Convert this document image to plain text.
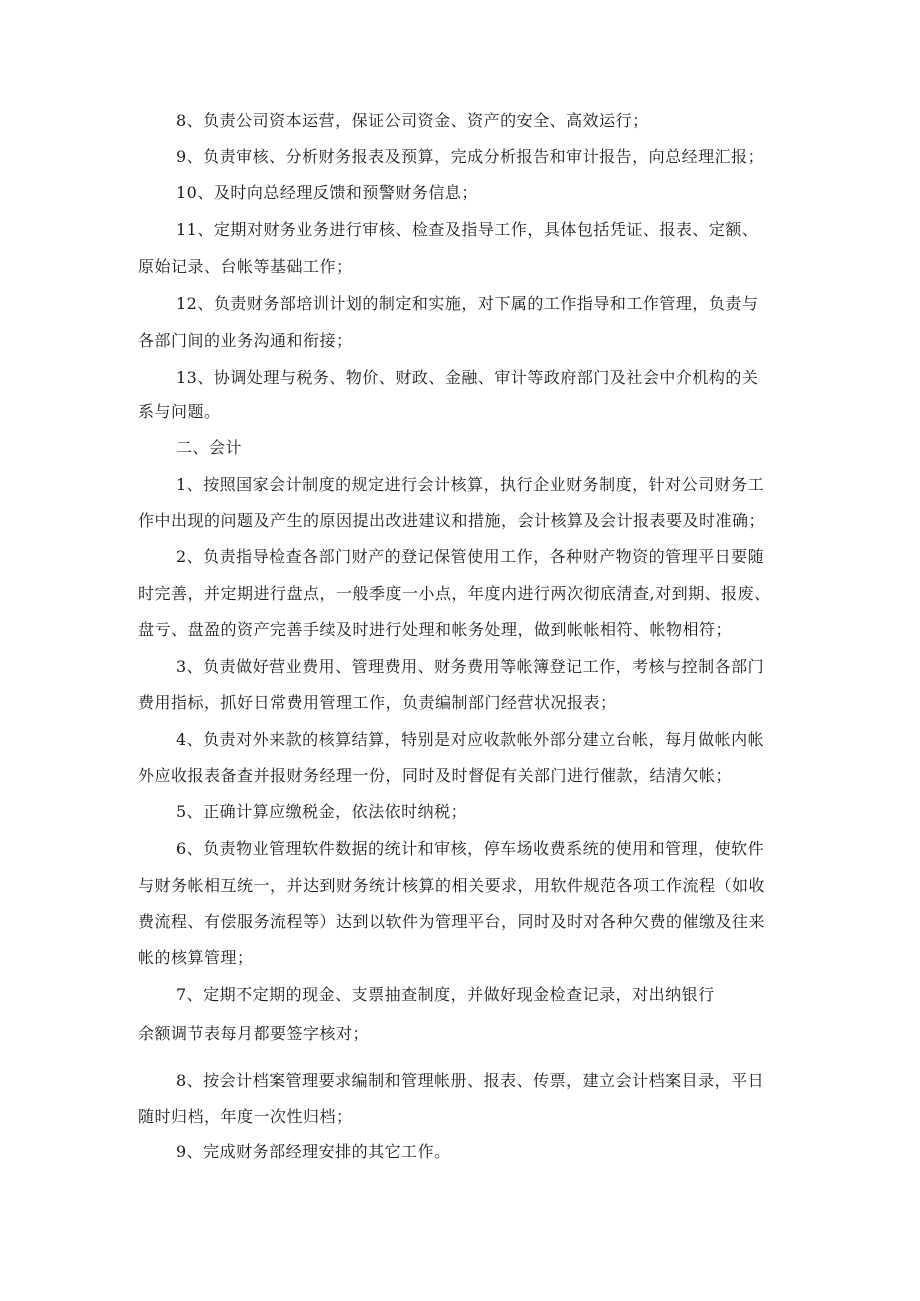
8、负责公司资本运营，保证公司资金、资产的安全、高效运行；
9、负责审核、分析财务报表及预算，完成分析报告和审计报告，向总经理汇报；
10、及时向总经理反馈和预警财务信息；
11、定期对财务业务进行审核、检查及指导工作，具体包括凭证、报表、定额、
原始记录、台帐等基础工作；
12、负责财务部培训计划的制定和实施，对下属的工作指导和工作管理，负责与
各部门间的业务沟通和衔接；
13、协调处理与税务、物价、财政、金融、审计等政府部门及社会中介机构的关
系与问题。
二、会计
1、按照国家会计制度的规定进行会计核算，执行企业财务制度，针对公司财务工
作中出现的问题及产生的原因提出改进建议和措施，会计核算及会计报表要及时准确；
2、负责指导检查各部门财产的登记保管使用工作，各种财产物资的管理平日要随
时完善，并定期进行盘点，一般季度一小点，年度内进行两次彻底清查,对到期、报废、
盘亏、盘盈的资产完善手续及时进行处理和帐务处理，做到帐帐相符、帐物相符；
3、负责做好营业费用、管理费用、财务费用等帐簿登记工作，考核与控制各部门
费用指标，抓好日常费用管理工作，负责编制部门经营状况报表；
4、负责对外来款的核算结算，特别是对应收款帐外部分建立台帐，每月做帐内帐
外应收报表备查并报财务经理一份，同时及时督促有关部门进行催款，结清欠帐；
5、正确计算应缴税金，依法依时纳税；
6、负责物业管理软件数据的统计和审核，停车场收费系统的使用和管理，使软件
与财务帐相互统一，并达到财务统计核算的相关要求，用软件规范各项工作流程（如收
费流程、有偿服务流程等）达到以软件为管理平台，同时及时对各种欠费的催缴及往来
帐的核算管理；
7、定期不定期的现金、支票抽查制度，并做好现金检查记录，对出纳银行
余额调节表每月都要签字核对；
8、按会计档案管理要求编制和管理帐册、报表、传票，建立会计档案目录，平日
随时归档，年度一次性归档；
9、完成财务部经理安排的其它工作。
